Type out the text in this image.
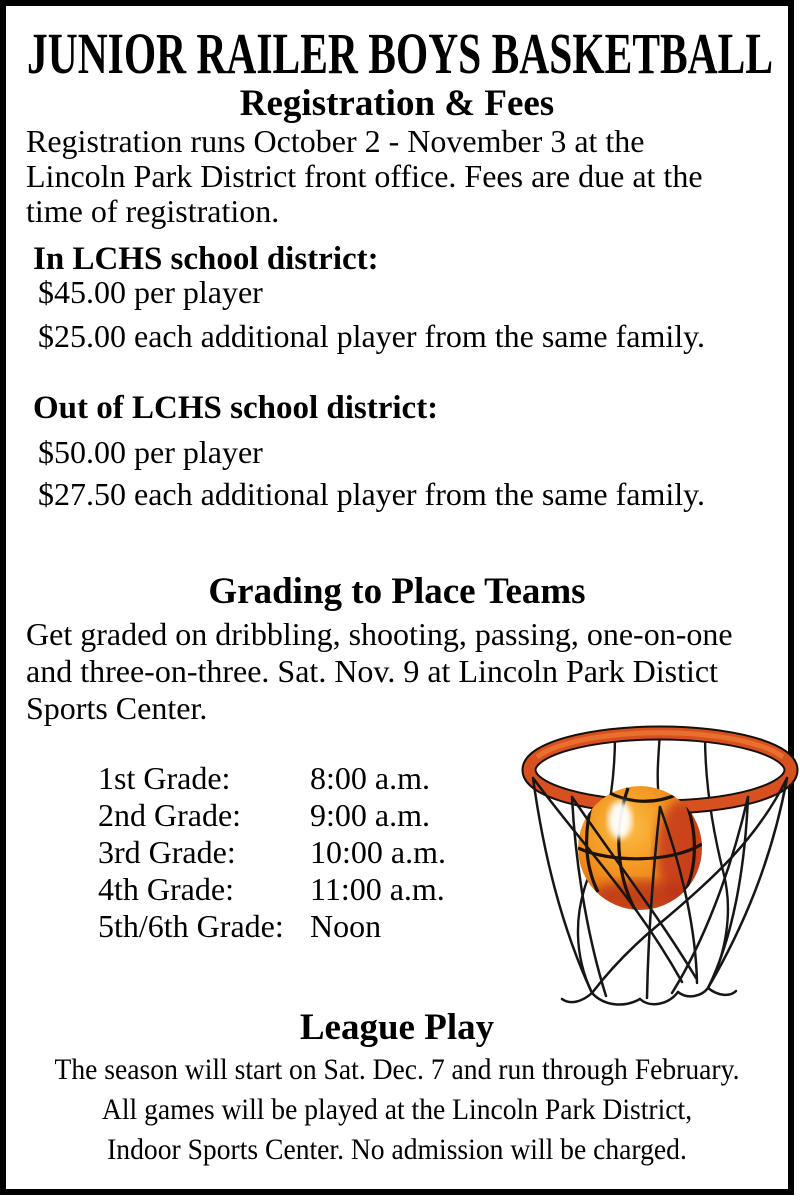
JUNIOR RAILER BOYS BASKETBALL
Registration & Fees
Registration runs October 2 - November 3 at the
Lincoln Park District front office. Fees are due at the
time of registration.
In LCHS school district:
$45.00 per player
$25.00 each additional player from the same family.
Out of LCHS school district:
$50.00 per player
$27.50 each additional player from the same family.
Grading to Place Teams
Get graded on dribbling, shooting, passing, one-on-one
and three-on-three. Sat. Nov. 9 at Lincoln Park Distict
Sports Center.
1st Grade: 8:00 a.m.
2nd Grade: 9:00 a.m.
3rd Grade: 10:00 a.m.
4th Grade: 11:00 a.m.
5th/6th Grade: Noon
League Play
The season will start on Sat. Dec. 7 and run through February.
All games will be played at the Lincoln Park District,
Indoor Sports Center. No admission will be charged.
